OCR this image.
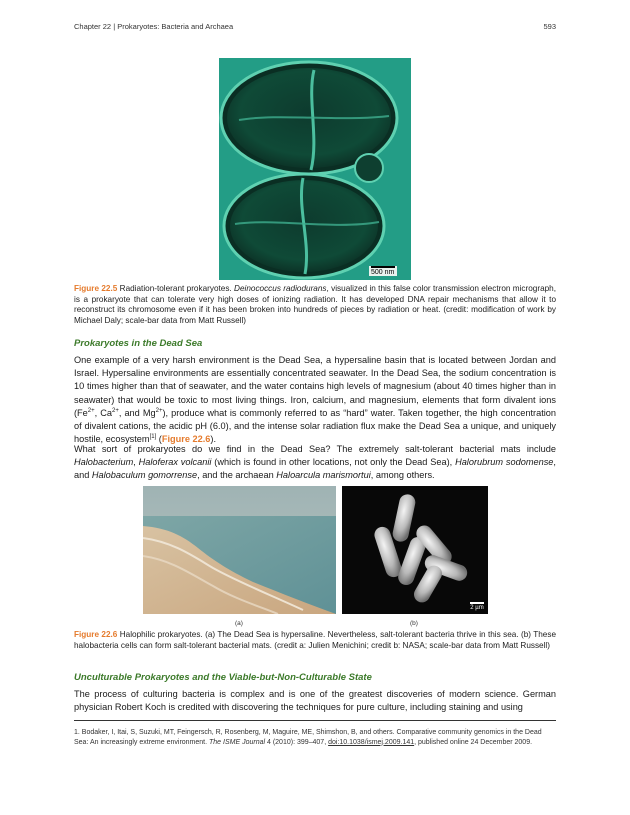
Chapter 22 | Prokaryotes: Bacteria and Archaea	593
500 nm
Figure 22.5 Radiation-tolerant prokaryotes. Deinococcus radiodurans, visualized in this false color transmission electron micrograph, is a prokaryote that can tolerate very high doses of ionizing radiation. It has developed DNA repair mechanisms that allow it to reconstruct its chromosome even if it has been broken into hundreds of pieces by radiation or heat. (credit: modification of work by Michael Daly; scale-bar data from Matt Russell)
Prokaryotes in the Dead Sea
One example of a very harsh environment is the Dead Sea, a hypersaline basin that is located between Jordan and Israel. Hypersaline environments are essentially concentrated seawater. In the Dead Sea, the sodium concentration is 10 times higher than that of seawater, and the water contains high levels of magnesium (about 40 times higher than in seawater) that would be toxic to most living things. Iron, calcium, and magnesium, elements that form divalent ions ($Fe^{2+}$, $Ca^{2+}$, and $Mg^{2+}$), produce what is commonly referred to as “hard” water. Taken together, the high concentration of divalent cations, the acidic pH (6.0), and the intense solar radiation flux make the Dead Sea a unique, and uniquely hostile, ecosystem[1] (Figure 22.6).
What sort of prokaryotes do we find in the Dead Sea? The extremely salt-tolerant bacterial mats include Halobacterium, Haloferax volcanii (which is found in other locations, not only the Dead Sea), Halorubrum sodomense, and Halobaculum gomorrense, and the archaean Haloarcula marismortui, among others.
2 µm
(a)	(b)
Figure 22.6 Halophilic prokaryotes. (a) The Dead Sea is hypersaline. Nevertheless, salt-tolerant bacteria thrive in this sea. (b) These halobacteria cells can form salt-tolerant bacterial mats. (credit a: Julien Menichini; credit b: NASA; scale-bar data from Matt Russell)
Unculturable Prokaryotes and the Viable-but-Non-Culturable State
The process of culturing bacteria is complex and is one of the greatest discoveries of modern science. German physician Robert Koch is credited with discovering the techniques for pure culture, including staining and using
1. Bodaker, I, Itai, S, Suzuki, MT, Feingersch, R, Rosenberg, M, Maguire, ME, Shimshon, B, and others. Comparative community genomics in the Dead Sea: An increasingly extreme environment. The ISME Journal 4 (2010): 399–407, doi:10.1038/ismej.2009.141, published online 24 December 2009.
